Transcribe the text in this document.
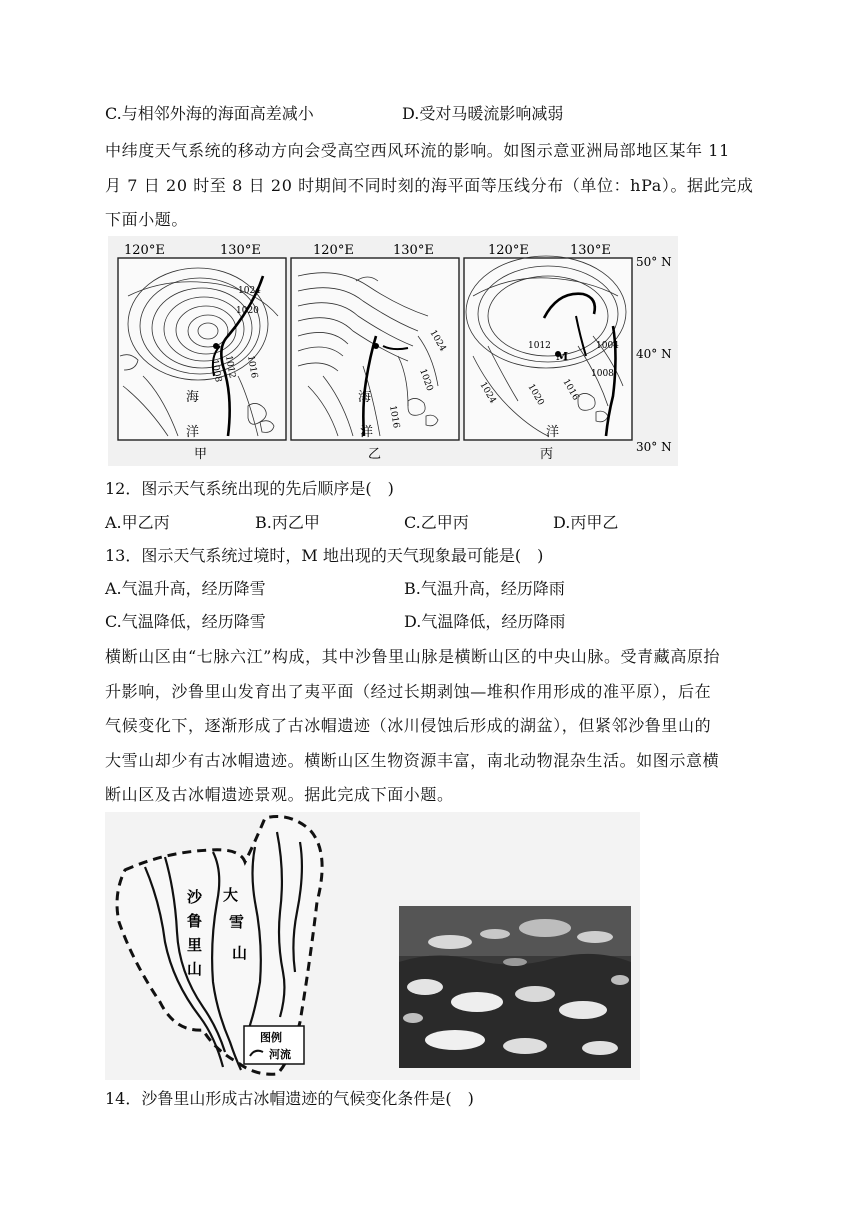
C.与相邻外海的海面高差减小	D.受对马暖流影响减弱

中纬度天气系统的移动方向会受高空西风环流的影响。如图示意亚洲局部地区某年 11

月 7 日 20 时至 8 日 20 时期间不同时刻的海平面等压线分布（单位：hPa）。据此完成

下面小题。

120°E	130°E	120°E	130°E	120°E	130°E
50° N
40° N
30° N
1024
1020
1016
1012
1008
海
洋
1024
1020
1016
海
洋
1012	1004
1008
1016
1020
1024
M
洋
甲	乙	丙
12．图示天气系统出现的先后顺序是(　)
A.甲乙丙	B.丙乙甲	C.乙甲丙	D.丙甲乙
13．图示天气系统过境时，M 地出现的天气现象最可能是(　)
A.气温升高，经历降雪	B.气温升高，经历降雨
C.气温降低，经历降雪	D.气温降低，经历降雨

横断山区由“七脉六江”构成，其中沙鲁里山脉是横断山区的中央山脉。受青藏高原抬

升影响，沙鲁里山发育出了夷平面（经过长期剥蚀—堆积作用形成的准平原），后在

气候变化下，逐渐形成了古冰帽遗迹（冰川侵蚀后形成的湖盆），但紧邻沙鲁里山的

大雪山却少有古冰帽遗迹。横断山区生物资源丰富，南北动物混杂生活。如图示意横

断山区及古冰帽遗迹景观。据此完成下面小题。

沙
鲁
里
山
大
雪
山
图例
河流
14．沙鲁里山形成古冰帽遗迹的气候变化条件是(　)
